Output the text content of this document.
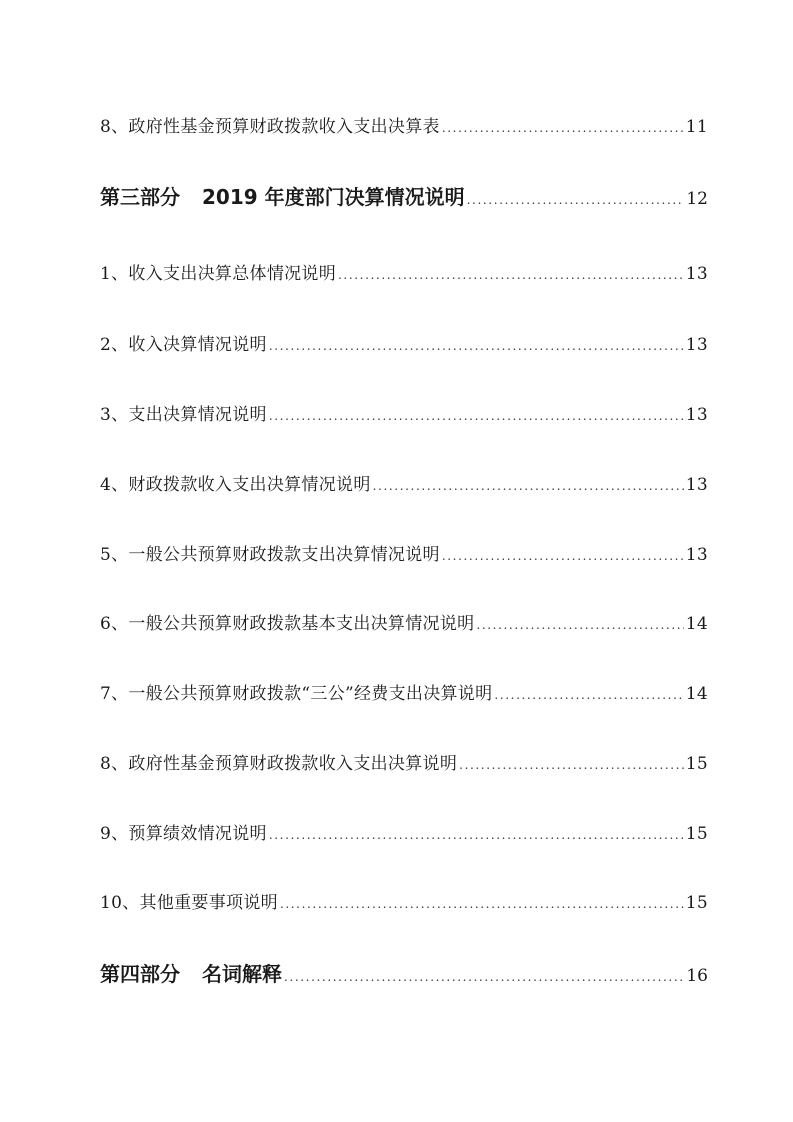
8、政府性基金预算财政拨款收入支出决算表 .....	11
第三部分 2019 年度部门决算情况说明 .....	12
1、收入支出决算总体情况说明 .....	13
2、收入决算情况说明 .....	13
3、支出决算情况说明 .....	13
4、财政拨款收入支出决算情况说明 .....	13
5、一般公共预算财政拨款支出决算情况说明 .....	13
6、一般公共预算财政拨款基本支出决算情况说明 .....	14
7、一般公共预算财政拨款“三公”经费支出决算说明 .....	14
8、政府性基金预算财政拨款收入支出决算说明 .....	15
9、预算绩效情况说明 .....	15
10、其他重要事项说明 .....	15
第四部分 名词解释 .....	16
